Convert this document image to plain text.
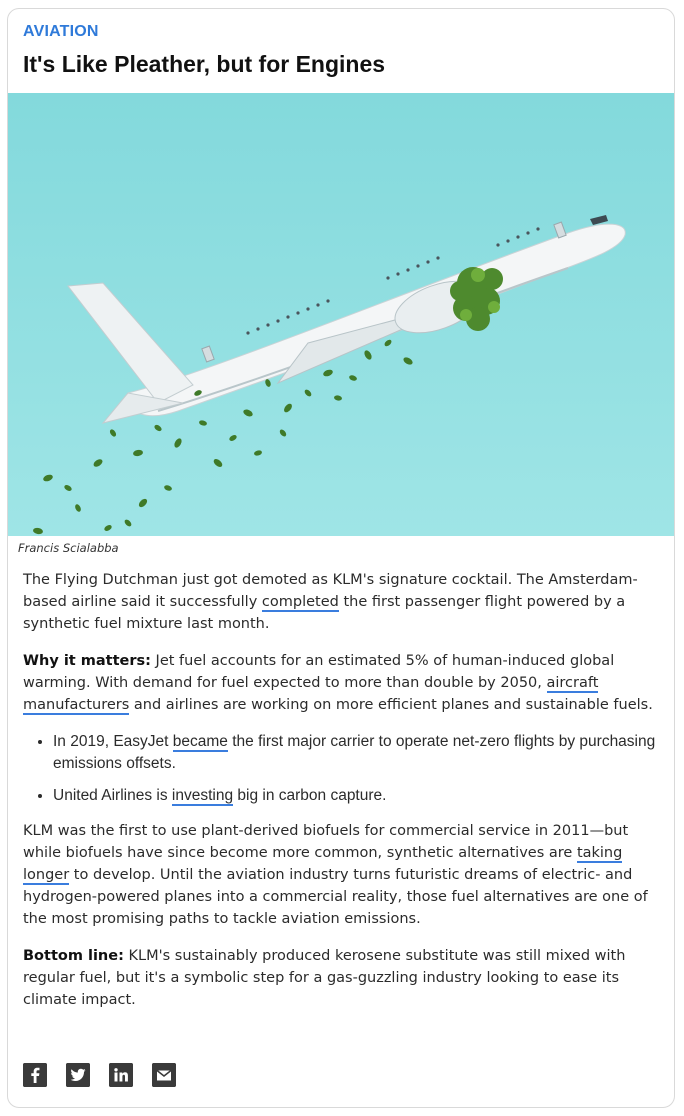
AVIATION
It's Like Pleather, but for Engines
Francis Scialabba

The Flying Dutchman just got demoted as KLM's signature cocktail. The Amsterdam-based airline said it successfully completed the first passenger flight powered by a synthetic fuel mixture last month.

Why it matters: Jet fuel accounts for an estimated 5% of human-induced global warming. With demand for fuel expected to more than double by 2050, aircraft manufacturers and airlines are working on more efficient planes and sustainable fuels.

• In 2019, EasyJet became the first major carrier to operate net-zero flights by purchasing emissions offsets.
• United Airlines is investing big in carbon capture.

KLM was the first to use plant-derived biofuels for commercial service in 2011—but while biofuels have since become more common, synthetic alternatives are taking longer to develop. Until the aviation industry turns futuristic dreams of electric- and hydrogen-powered planes into a commercial reality, those fuel alternatives are one of the most promising paths to tackle aviation emissions.

Bottom line: KLM's sustainably produced kerosene substitute was still mixed with regular fuel, but it's a symbolic step for a gas-guzzling industry looking to ease its climate impact.
